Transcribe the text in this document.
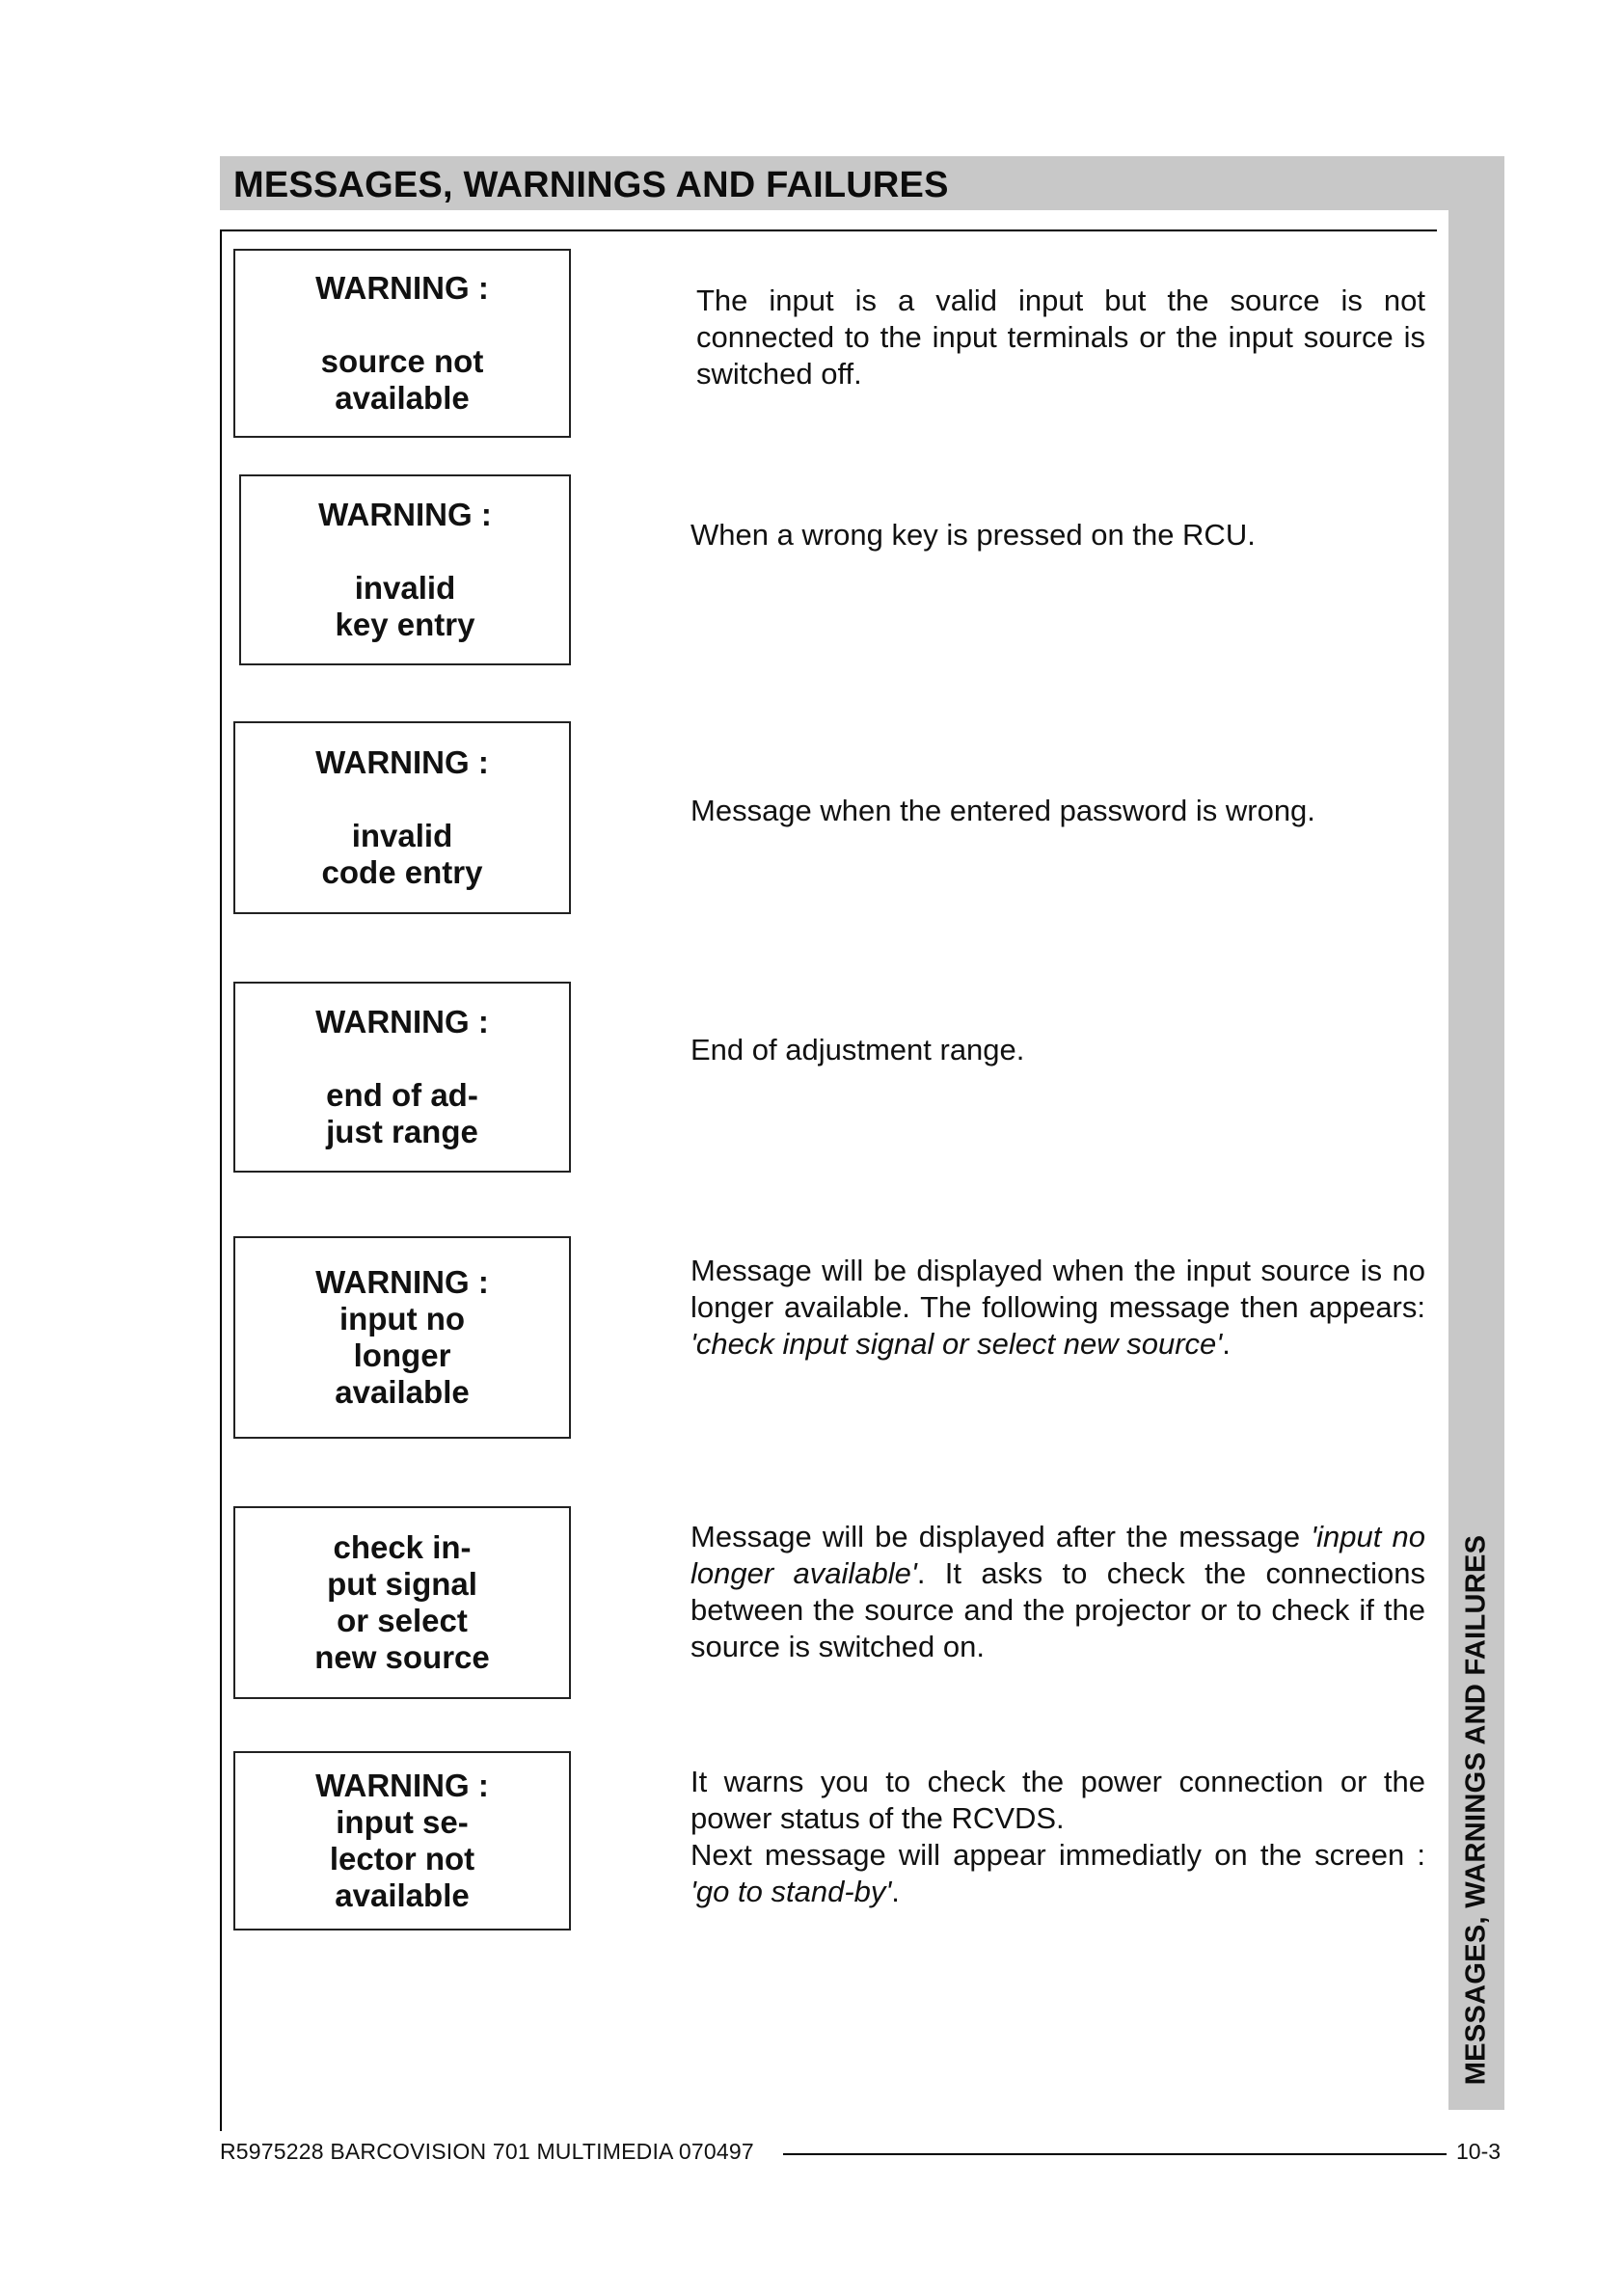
MESSAGES, WARNINGS AND FAILURES
MESSAGES, WARNINGS AND FAILURES
WARNING :
source not
available
The input is a valid input but the source is not connected to the input terminals or the input source is switched off.
WARNING :
invalid
key entry
When a wrong key is pressed on the RCU.
WARNING :
invalid
code entry
Message when the entered password is wrong.
WARNING :
end of ad-
just range
End of adjustment range.
WARNING :
input no
longer
available
Message will be displayed when the input source is no longer available. The following message then appears: 'check input signal or select new source'.
check in-
put signal
or select
new source
Message will be displayed after the message 'input no longer available'. It asks to check the connections between the source and the projector or to check if the source is switched on.
WARNING :
input se-
lector not
available
It warns you to check the power connection or the power status of the RCVDS.
Next message will appear immediatly on the screen : 'go to stand-by'.
R5975228 BARCOVISION 701 MULTIMEDIA 070497	10-3
